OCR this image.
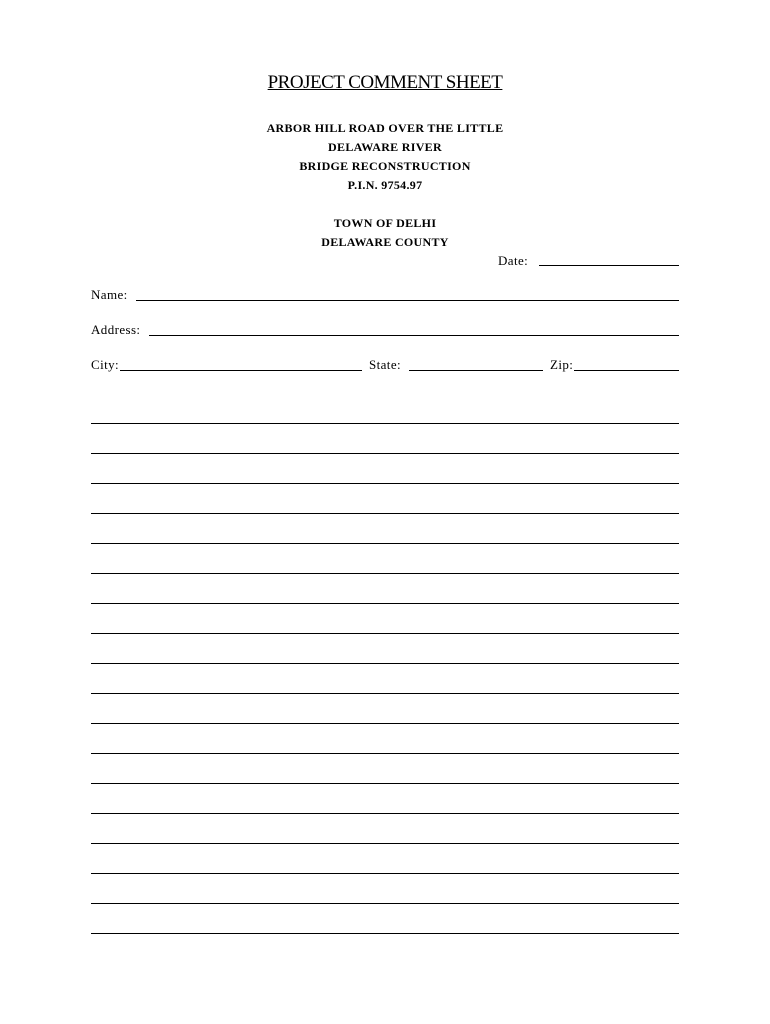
PROJECT COMMENT SHEET
ARBOR HILL ROAD OVER THE LITTLE
DELAWARE RIVER
BRIDGE RECONSTRUCTION
P.I.N. 9754.97
TOWN OF DELHI
DELAWARE COUNTY
Date:
Name:
Address:
City:	State:	Zip:
